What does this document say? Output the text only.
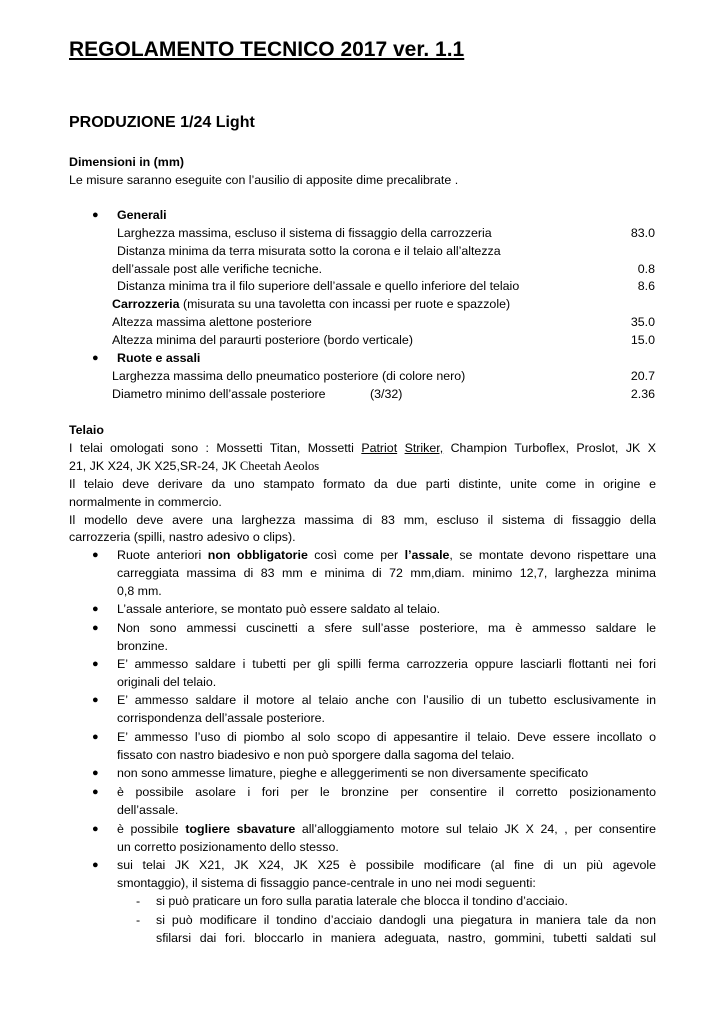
REGOLAMENTO TECNICO 2017 ver. 1.1
PRODUZIONE 1/24 Light
Dimensioni in (mm)
Le misure saranno eseguite con l’ausilio di apposite dime precalibrate .
● Generali
Larghezza massima, escluso il sistema di fissaggio della carrozzeria	83.0
Distanza minima da terra misurata sotto la corona e il telaio all’altezza
dell’assale post alle verifiche tecniche.	0.8
Distanza minima tra il filo superiore dell’assale e quello inferiore del telaio	8.6
Carrozzeria (misurata su una tavoletta con incassi per ruote e spazzole)
Altezza massima alettone posteriore	35.0
Altezza minima del paraurti posteriore (bordo verticale)	15.0
● Ruote e assali
Larghezza massima dello pneumatico posteriore (di colore nero)	20.7
Diametro minimo dell’assale posteriore	(3/32)	2.36
Telaio
I telai omologati sono : Mossetti Titan, Mossetti Patriot Striker, Champion Turboflex, Proslot, JK X
21, JK X24, JK X25,SR-24, JK Cheetah Aeolos
Il telaio deve derivare da uno stampato formato da due parti distinte, unite come in origine e
normalmente in commercio.
Il modello deve avere una larghezza massima di 83 mm, escluso il sistema di fissaggio della
carrozzeria (spilli, nastro adesivo o clips).
● Ruote anteriori non obbligatorie così come per l’assale, se montate devono rispettare una
carreggiata massima di 83 mm e minima di 72 mm,diam. minimo 12,7, larghezza minima
0,8 mm.
● L’assale anteriore, se montato può essere saldato al telaio.
● Non sono ammessi cuscinetti a sfere sull’asse posteriore, ma è ammesso saldare le
bronzine.
● E’ ammesso saldare i tubetti per gli spilli ferma carrozzeria oppure lasciarli flottanti nei fori
originali del telaio.
● E’ ammesso saldare il motore al telaio anche con l’ausilio di un tubetto esclusivamente in
corrispondenza dell’assale posteriore.
● E’ ammesso l’uso di piombo al solo scopo di appesantire il telaio. Deve essere incollato o
fissato con nastro biadesivo e non può sporgere dalla sagoma del telaio.
● non sono ammesse limature, pieghe e alleggerimenti se non diversamente specificato
● è possibile asolare i fori per le bronzine per consentire il corretto posizionamento
dell’assale.
● è possibile togliere sbavature all’alloggiamento motore sul telaio JK X 24, , per consentire
un corretto posizionamento dello stesso.
● sui telai JK X21, JK X24, JK X25 è possibile modificare (al fine di un più agevole
smontaggio), il sistema di fissaggio pance-centrale in uno nei modi seguenti:
- si può praticare un foro sulla paratia laterale che blocca il tondino d’acciaio.
- si può modificare il tondino d’acciaio dandogli una piegatura in maniera tale da non
sfilarsi dai fori. bloccarlo in maniera adeguata, nastro, gommini, tubetti saldati sul
